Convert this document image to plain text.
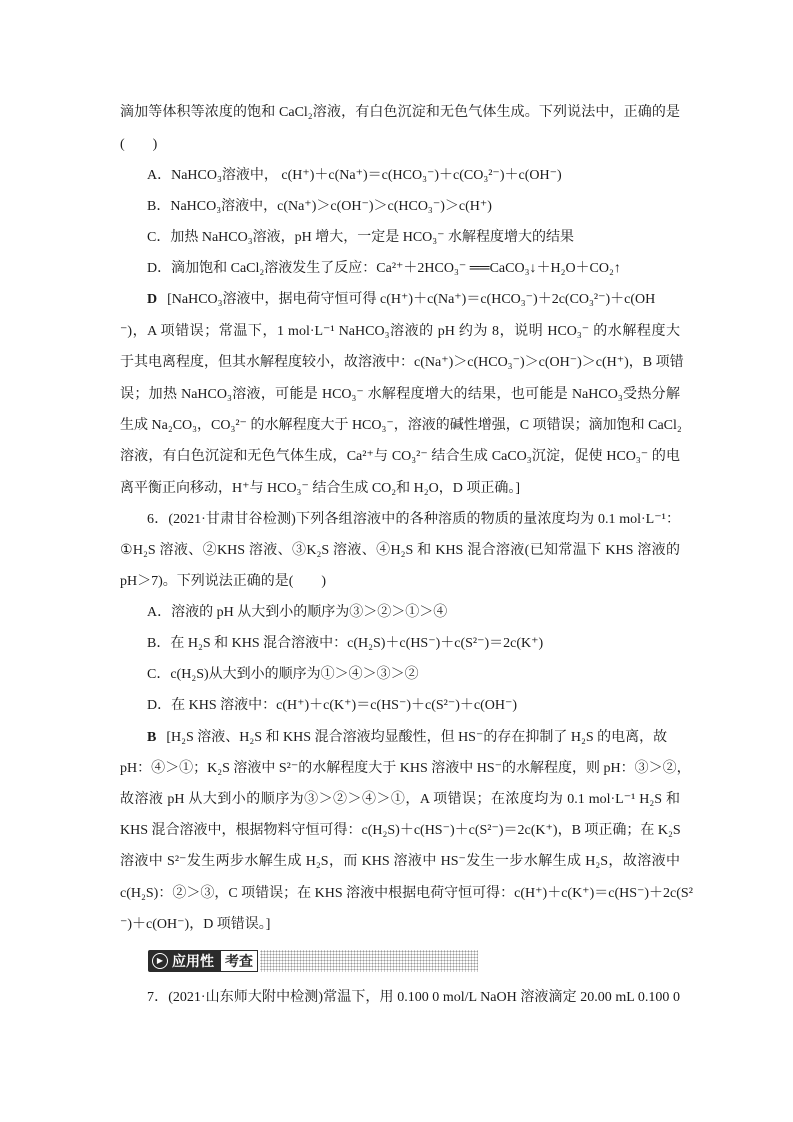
滴加等体积等浓度的饱和 CaCl₂溶液，有白色沉淀和无色气体生成。下列说法中，正确的是
(　　)
A．NaHCO₃溶液中， c(H⁺)＋c(Na⁺)＝c(HCO₃⁻)＋c(CO₃²⁻)＋c(OH⁻)
B．NaHCO₃溶液中，c(Na⁺)＞c(OH⁻)＞c(HCO₃⁻)＞c(H⁺)
C．加热 NaHCO₃溶液，pH 增大，一定是 HCO₃⁻ 水解程度增大的结果
D．滴加饱和 CaCl₂溶液发生了反应：Ca²⁺＋2HCO₃⁻ ══CaCO₃↓＋H₂O＋CO₂↑
D [NaHCO₃溶液中，据电荷守恒可得 c(H⁺)＋c(Na⁺)＝c(HCO₃⁻)＋2c(CO₃²⁻)＋c(OH
⁻)，A 项错误；常温下，1 mol·L⁻¹ NaHCO₃溶液的 pH 约为 8，说明 HCO₃⁻ 的水解程度大
于其电离程度，但其水解程度较小，故溶液中：c(Na⁺)＞c(HCO₃⁻)＞c(OH⁻)＞c(H⁺)，B 项错
误；加热 NaHCO₃溶液，可能是 HCO₃⁻ 水解程度增大的结果，也可能是 NaHCO₃受热分解
生成 Na₂CO₃，CO₃²⁻ 的水解程度大于 HCO₃⁻，溶液的碱性增强，C 项错误；滴加饱和 CaCl₂
溶液，有白色沉淀和无色气体生成，Ca²⁺与 CO₃²⁻ 结合生成 CaCO₃沉淀，促使 HCO₃⁻ 的电
离平衡正向移动，H⁺与 HCO₃⁻ 结合生成 CO₂和 H₂O，D 项正确。]
6．(2021·甘肃甘谷检测)下列各组溶液中的各种溶质的物质的量浓度均为 0.1 mol·L⁻¹：
①H₂S 溶液、②KHS 溶液、③K₂S 溶液、④H₂S 和 KHS 混合溶液(已知常温下 KHS 溶液的
pH＞7)。下列说法正确的是(　　)
A．溶液的 pH 从大到小的顺序为③＞②＞①＞④
B．在 H₂S 和 KHS 混合溶液中：c(H₂S)＋c(HS⁻)＋c(S²⁻)＝2c(K⁺)
C．c(H₂S)从大到小的顺序为①＞④＞③＞②
D．在 KHS 溶液中：c(H⁺)＋c(K⁺)＝c(HS⁻)＋c(S²⁻)＋c(OH⁻)
B [H₂S 溶液、H₂S 和 KHS 混合溶液均显酸性，但 HS⁻的存在抑制了 H₂S 的电离，故
pH：④＞①；K₂S 溶液中 S²⁻的水解程度大于 KHS 溶液中 HS⁻的水解程度，则 pH：③＞②，
故溶液 pH 从大到小的顺序为③＞②＞④＞①，A 项错误；在浓度均为 0.1 mol·L⁻¹ H₂S 和
KHS 混合溶液中，根据物料守恒可得：c(H₂S)＋c(HS⁻)＋c(S²⁻)＝2c(K⁺)，B 项正确；在 K₂S
溶液中 S²⁻发生两步水解生成 H₂S，而 KHS 溶液中 HS⁻发生一步水解生成 H₂S，故溶液中
c(H₂S)：②＞③，C 项错误；在 KHS 溶液中根据电荷守恒可得：c(H⁺)＋c(K⁺)＝c(HS⁻)＋2c(S²
⁻)＋c(OH⁻)，D 项错误。]
▶ 应用性 考查
7．(2021·山东师大附中检测)常温下，用 0.100 0 mol/L NaOH 溶液滴定 20.00 mL 0.100 0
